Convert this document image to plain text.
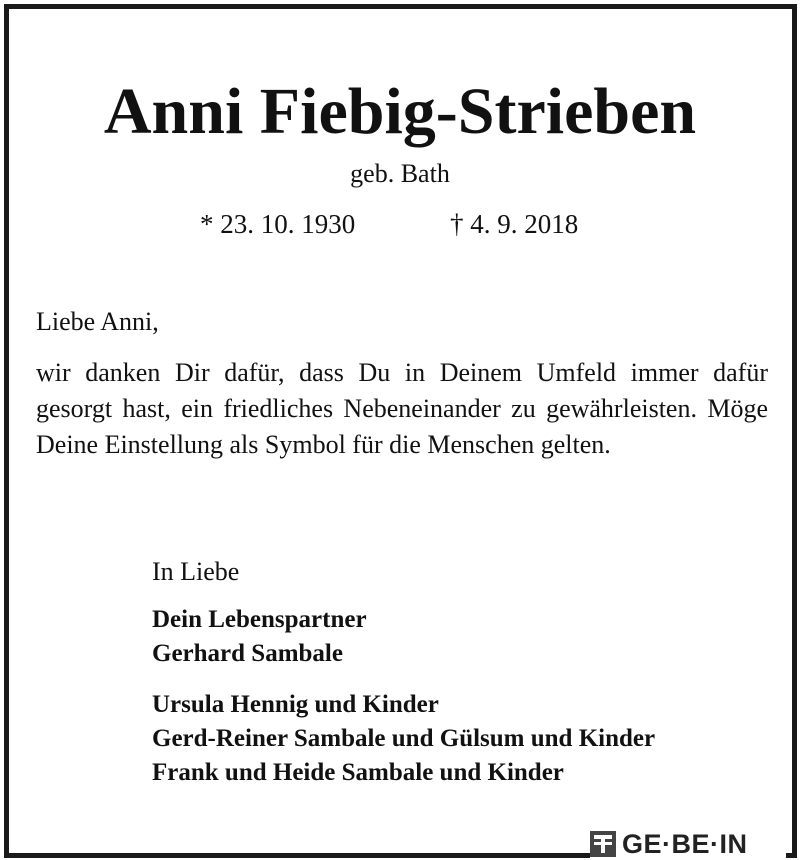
Anni Fiebig-Strieben
geb. Bath
* 23. 10. 1930	† 4. 9. 2018
Liebe Anni,
wir danken Dir dafür, dass Du in Deinem Umfeld immer dafür gesorgt hast, ein friedliches Nebeneinander zu gewährleisten. Möge Deine Einstellung als Symbol für die Menschen gelten.
In Liebe
Dein Lebenspartner
Gerhard Sambale
Ursula Hennig und Kinder
Gerd-Reiner Sambale und Gülsum und Kinder
Frank und Heide Sambale und Kinder
GE·BE·IN
